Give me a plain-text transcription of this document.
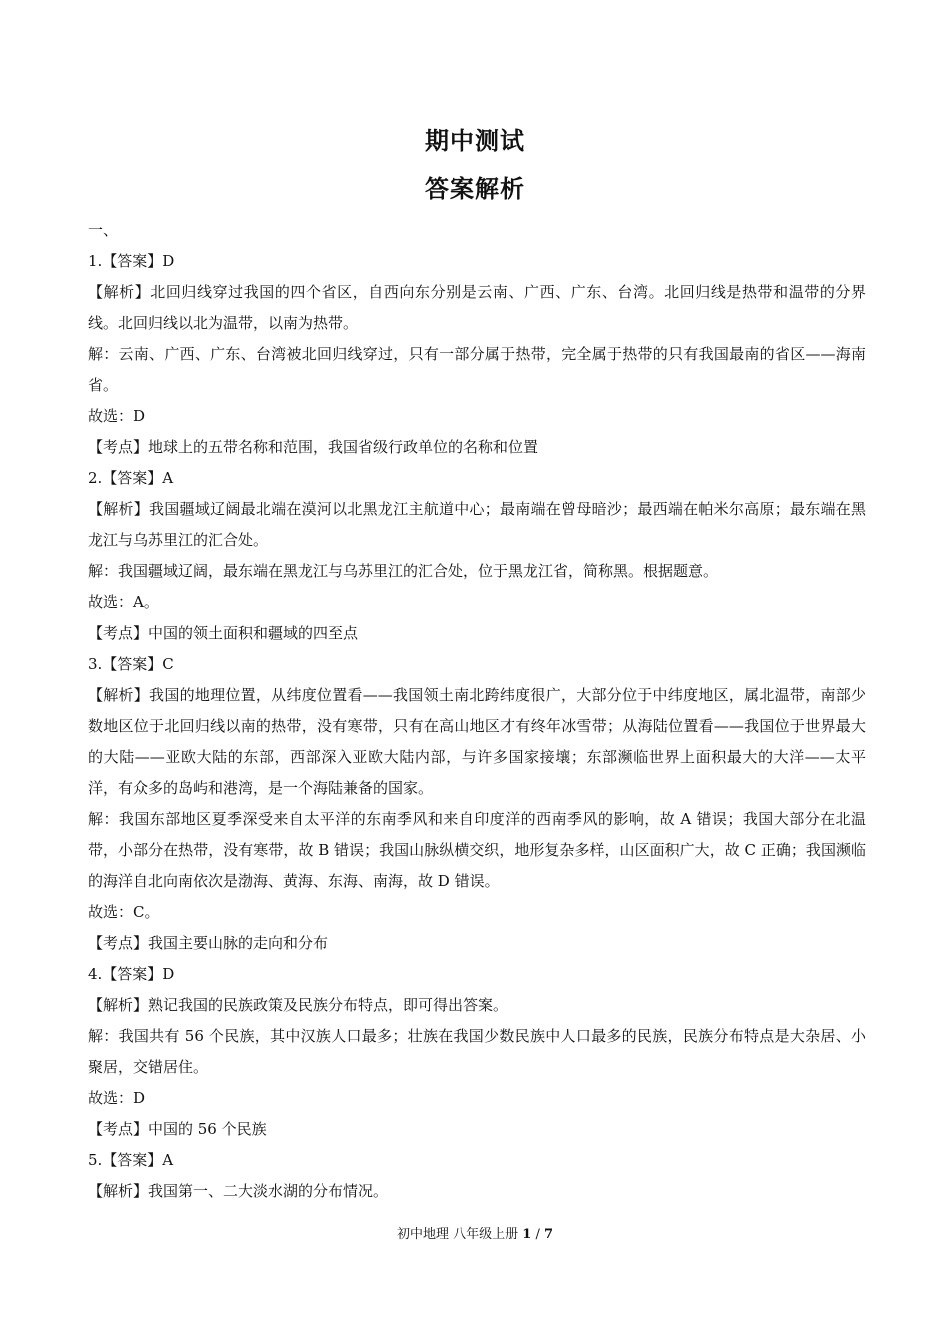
期中测试
答案解析

一、

1.【答案】D

【解析】北回归线穿过我国的四个省区，自西向东分别是云南、广西、广东、台湾。北回归线是热带和温带的分界线。北回归线以北为温带，以南为热带。

解：云南、广西、广东、台湾被北回归线穿过，只有一部分属于热带，完全属于热带的只有我国最南的省区——海南省。

故选：D

【考点】地球上的五带名称和范围，我国省级行政单位的名称和位置

2.【答案】A

【解析】我国疆域辽阔最北端在漠河以北黑龙江主航道中心；最南端在曾母暗沙；最西端在帕米尔高原；最东端在黑龙江与乌苏里江的汇合处。

解：我国疆域辽阔，最东端在黑龙江与乌苏里江的汇合处，位于黑龙江省，简称黑。根据题意。

故选：A。

【考点】中国的领土面积和疆域的四至点

3.【答案】C

【解析】我国的地理位置，从纬度位置看——我国领土南北跨纬度很广，大部分位于中纬度地区，属北温带，南部少数地区位于北回归线以南的热带，没有寒带，只有在高山地区才有终年冰雪带；从海陆位置看——我国位于世界最大的大陆——亚欧大陆的东部，西部深入亚欧大陆内部，与许多国家接壤；东部濒临世界上面积最大的大洋——太平洋，有众多的岛屿和港湾，是一个海陆兼备的国家。

解：我国东部地区夏季深受来自太平洋的东南季风和来自印度洋的西南季风的影响，故 A 错误；我国大部分在北温带，小部分在热带，没有寒带，故 B 错误；我国山脉纵横交织，地形复杂多样，山区面积广大，故 C 正确；我国濒临的海洋自北向南依次是渤海、黄海、东海、南海，故 D 错误。

故选：C。

【考点】我国主要山脉的走向和分布

4.【答案】D

【解析】熟记我国的民族政策及民族分布特点，即可得出答案。

解：我国共有 56 个民族，其中汉族人口最多；壮族在我国少数民族中人口最多的民族，民族分布特点是大杂居、小聚居，交错居住。

故选：D

【考点】中国的 56 个民族

5.【答案】A

【解析】我国第一、二大淡水湖的分布情况。

初中地理 八年级上册 1 / 7
